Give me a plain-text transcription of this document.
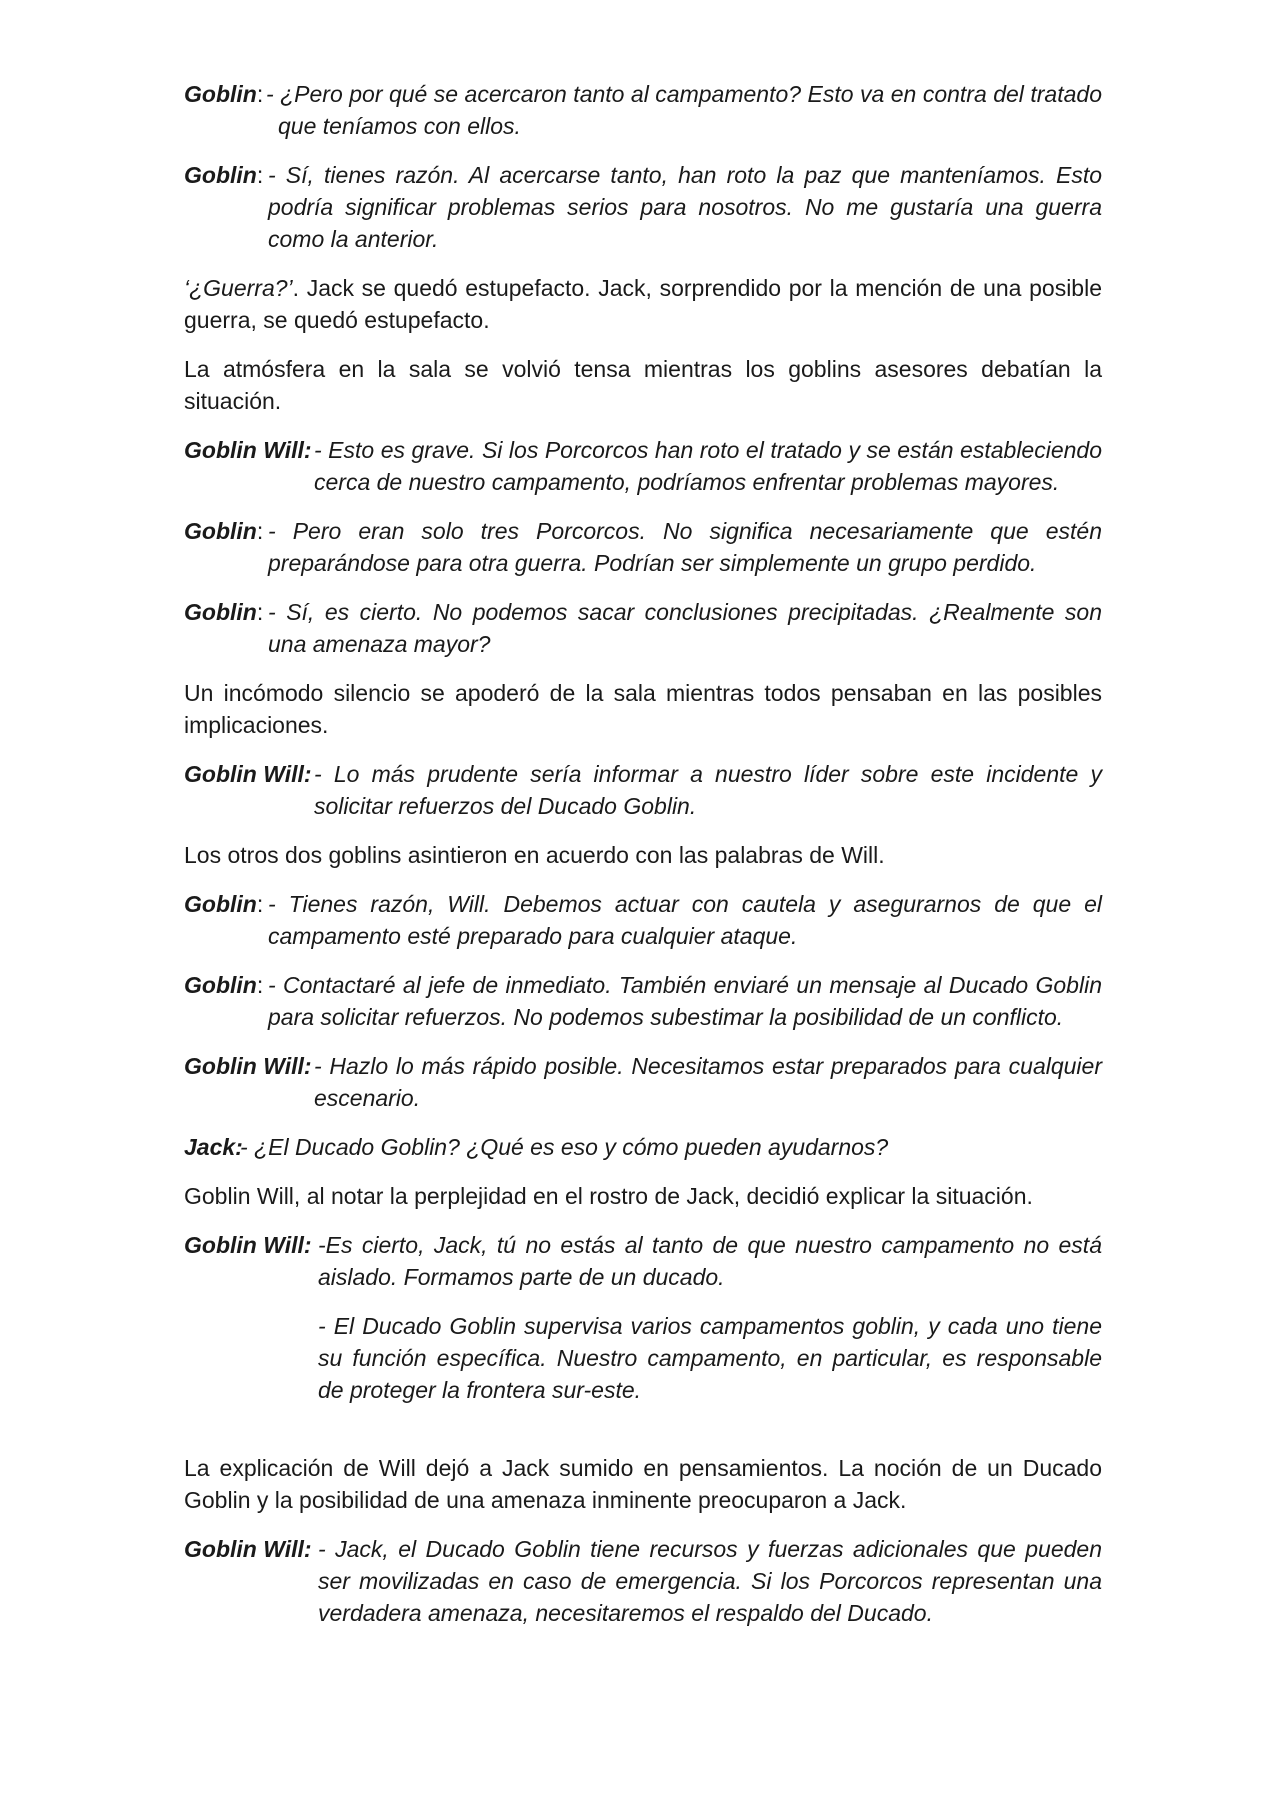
Goblin: - ¿Pero por qué se acercaron tanto al campamento? Esto va en contra del tratado que teníamos con ellos.
Goblin: - Sí, tienes razón. Al acercarse tanto, han roto la paz que manteníamos. Esto podría significar problemas serios para nosotros. No me gustaría una guerra como la anterior.

‘¿Guerra?’. Jack se quedó estupefacto. Jack, sorprendido por la mención de una posible guerra, se quedó estupefacto.

La atmósfera en la sala se volvió tensa mientras los goblins asesores debatían la situación.

Goblin Will: - Esto es grave. Si los Porcorcos han roto el tratado y se están estableciendo cerca de nuestro campamento, podríamos enfrentar problemas mayores.
Goblin: - Pero eran solo tres Porcorcos. No significa necesariamente que estén preparándose para otra guerra. Podrían ser simplemente un grupo perdido.
Goblin: - Sí, es cierto. No podemos sacar conclusiones precipitadas. ¿Realmente son una amenaza mayor?

Un incómodo silencio se apoderó de la sala mientras todos pensaban en las posibles implicaciones.

Goblin Will: - Lo más prudente sería informar a nuestro líder sobre este incidente y solicitar refuerzos del Ducado Goblin.

Los otros dos goblins asintieron en acuerdo con las palabras de Will.

Goblin: - Tienes razón, Will. Debemos actuar con cautela y asegurarnos de que el campamento esté preparado para cualquier ataque.
Goblin: - Contactaré al jefe de inmediato. También enviaré un mensaje al Ducado Goblin para solicitar refuerzos. No podemos subestimar la posibilidad de un conflicto.
Goblin Will: - Hazlo lo más rápido posible. Necesitamos estar preparados para cualquier escenario.
Jack:
- ¿El Ducado Goblin? ¿Qué es eso y cómo pueden ayudarnos?

Goblin Will, al notar la perplejidad en el rostro de Jack, decidió explicar la situación.

Goblin Will: -Es cierto, Jack, tú no estás al tanto de que nuestro campamento no está aislado. Formamos parte de un ducado.
- El Ducado Goblin supervisa varios campamentos goblin, y cada uno tiene su función específica. Nuestro campamento, en particular, es responsable de proteger la frontera sur-este.

La explicación de Will dejó a Jack sumido en pensamientos. La noción de un Ducado Goblin y la posibilidad de una amenaza inminente preocuparon a Jack.

Goblin Will: - Jack, el Ducado Goblin tiene recursos y fuerzas adicionales que pueden ser movilizadas en caso de emergencia. Si los Porcorcos representan una verdadera amenaza, necesitaremos el respaldo del Ducado.
